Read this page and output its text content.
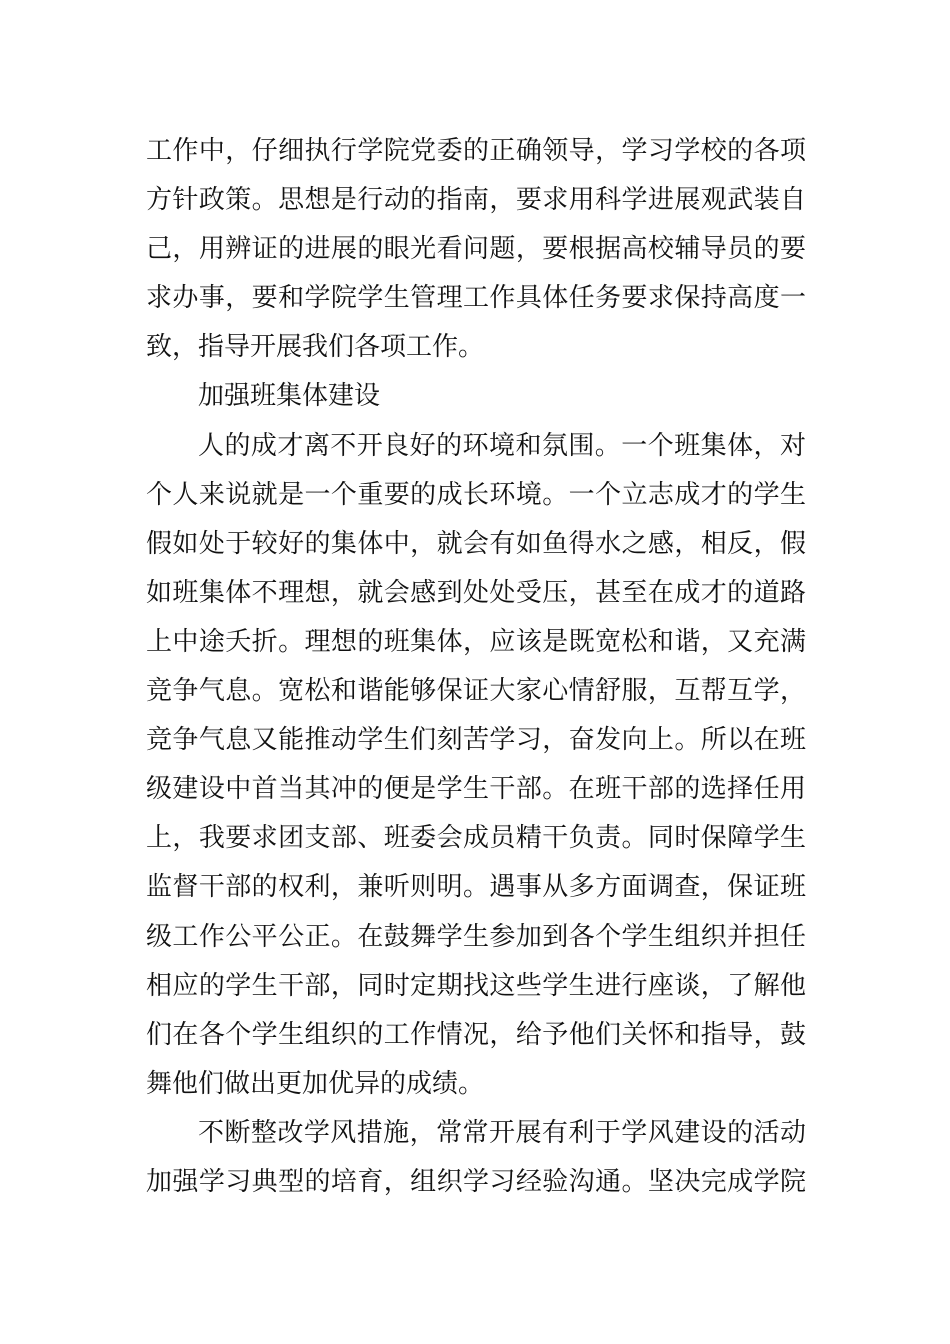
工作中，仔细执行学院党委的正确领导，学习学校的各项
方针政策。思想是行动的指南，要求用科学进展观武装自
己，用辨证的进展的眼光看问题，要根据高校辅导员的要
求办事，要和学院学生管理工作具体任务要求保持高度一
致，指导开展我们各项工作。
加强班集体建设
人的成才离不开良好的环境和氛围。一个班集体，对
个人来说就是一个重要的成长环境。一个立志成才的学生
假如处于较好的集体中，就会有如鱼得水之感，相反，假
如班集体不理想，就会感到处处受压，甚至在成才的道路
上中途夭折。理想的班集体，应该是既宽松和谐，又充满
竞争气息。宽松和谐能够保证大家心情舒服，互帮互学，
竞争气息又能推动学生们刻苦学习，奋发向上。所以在班
级建设中首当其冲的便是学生干部。在班干部的选择任用
上，我要求团支部、班委会成员精干负责。同时保障学生
监督干部的权利，兼听则明。遇事从多方面调查，保证班
级工作公平公正。在鼓舞学生参加到各个学生组织并担任
相应的学生干部，同时定期找这些学生进行座谈，了解他
们在各个学生组织的工作情况，给予他们关怀和指导，鼓
舞他们做出更加优异的成绩。
不断整改学风措施，常常开展有利于学风建设的活动
加强学习典型的培育，组织学习经验沟通。坚决完成学院
